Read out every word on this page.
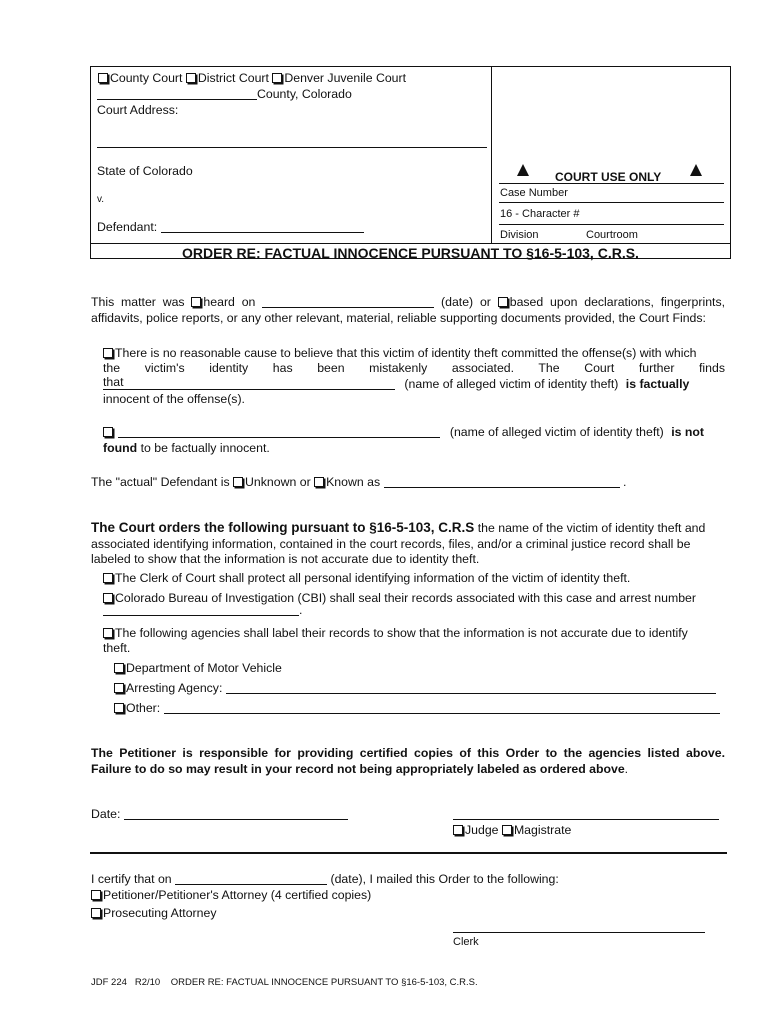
County Court District Court Denver Juvenile Court
County, Colorado
Court Address:
State of Colorado
v.
Defendant:
COURT USE ONLY
Case Number
16 - Character #
Division	Courtroom
ORDER RE: FACTUAL INNOCENCE PURSUANT TO §16-5-103, C.R.S.
This matter was heard on	(date) or based upon declarations, fingerprints,
affidavits, police reports, or any other relevant, material, reliable supporting documents provided, the Court Finds:
There is no reasonable cause to believe that this victim of identity theft committed the offense(s) with which
the victim's identity has been mistakenly associated. The Court further finds that	(name of alleged victim of identity theft) is factually
innocent of the offense(s).
(name of alleged victim of identity theft) is not
found to be factually innocent.
The "actual" Defendant is Unknown or Known as	.
The Court orders the following pursuant to §16-5-103, C.R.S the name of the victim of identity theft and
associated identifying information, contained in the court records, files, and/or a criminal justice record shall be
labeled to show that the information is not accurate due to identity theft.
The Clerk of Court shall protect all personal identifying information of the victim of identity theft.
Colorado Bureau of Investigation (CBI) shall seal their records associated with this case and arrest number
.
The following agencies shall label their records to show that the information is not accurate due to identify
theft.
Department of Motor Vehicle
Arresting Agency:
Other:
The Petitioner is responsible for providing certified copies of this Order to the agencies listed above.
Failure to do so may result in your record not being appropriately labeled as ordered above.
Date:
Judge Magistrate
I certify that on	(date), I mailed this Order to the following:
Petitioner/Petitioner's Attorney (4 certified copies)
Prosecuting Attorney
Clerk
JDF 224 R2/10 ORDER RE: FACTUAL INNOCENCE PURSUANT TO §16-5-103, C.R.S.
